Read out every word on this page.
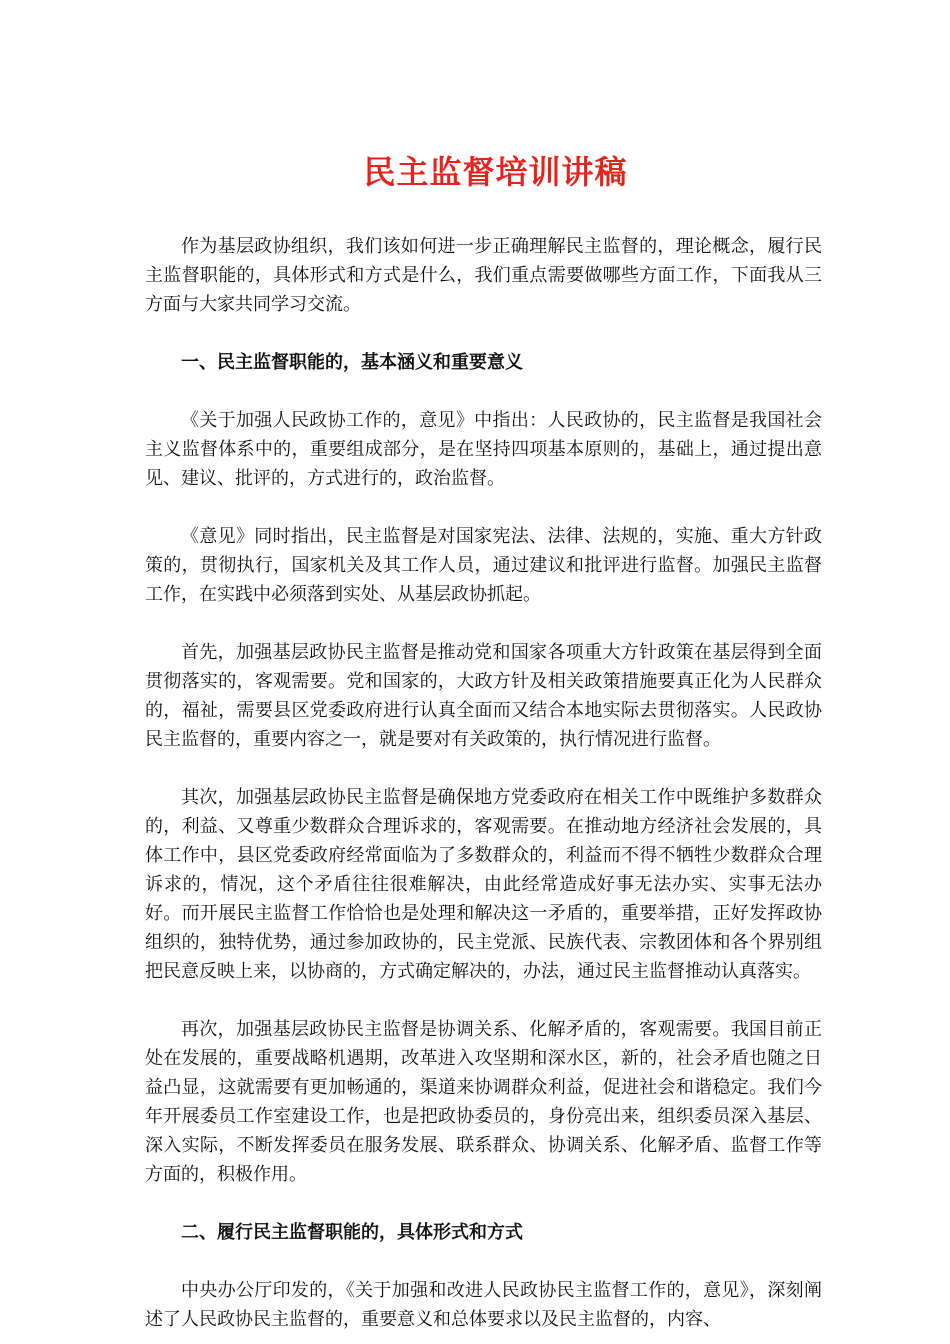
民主监督培训讲稿

作为基层政协组织，我们该如何进一步正确理解民主监督的，理论概念，履行民主监督职能的，具体形式和方式是什么，我们重点需要做哪些方面工作，下面我从三方面与大家共同学习交流。

一、民主监督职能的，基本涵义和重要意义

《关于加强人民政协工作的，意见》中指出：人民政协的，民主监督是我国社会主义监督体系中的，重要组成部分，是在坚持四项基本原则的，基础上，通过提出意见、建议、批评的，方式进行的，政治监督。

《意见》同时指出，民主监督是对国家宪法、法律、法规的，实施、重大方针政策的，贯彻执行，国家机关及其工作人员，通过建议和批评进行监督。加强民主监督工作，在实践中必须落到实处、从基层政协抓起。

首先，加强基层政协民主监督是推动党和国家各项重大方针政策在基层得到全面贯彻落实的，客观需要。党和国家的，大政方针及相关政策措施要真正化为人民群众的，福祉，需要县区党委政府进行认真全面而又结合本地实际去贯彻落实。人民政协民主监督的，重要内容之一，就是要对有关政策的，执行情况进行监督。

其次，加强基层政协民主监督是确保地方党委政府在相关工作中既维护多数群众的，利益、又尊重少数群众合理诉求的，客观需要。在推动地方经济社会发展的，具体工作中，县区党委政府经常面临为了多数群众的，利益而不得不牺牲少数群众合理诉求的，情况，这个矛盾往往很难解决，由此经常造成好事无法办实、实事无法办好。而开展民主监督工作恰恰也是处理和解决这一矛盾的，重要举措，正好发挥政协组织的，独特优势，通过参加政协的，民主党派、民族代表、宗教团体和各个界别组把民意反映上来，以协商的，方式确定解决的，办法，通过民主监督推动认真落实。

再次，加强基层政协民主监督是协调关系、化解矛盾的，客观需要。我国目前正处在发展的，重要战略机遇期，改革进入攻坚期和深水区，新的，社会矛盾也随之日益凸显，这就需要有更加畅通的，渠道来协调群众利益，促进社会和谐稳定。我们今年开展委员工作室建设工作，也是把政协委员的，身份亮出来，组织委员深入基层、深入实际，不断发挥委员在服务发展、联系群众、协调关系、化解矛盾、监督工作等方面的，积极作用。

二、履行民主监督职能的，具体形式和方式

中央办公厅印发的，《关于加强和改进人民政协民主监督工作的，意见》，深刻阐述了人民政协民主监督的，重要意义和总体要求以及民主监督的，内容、
